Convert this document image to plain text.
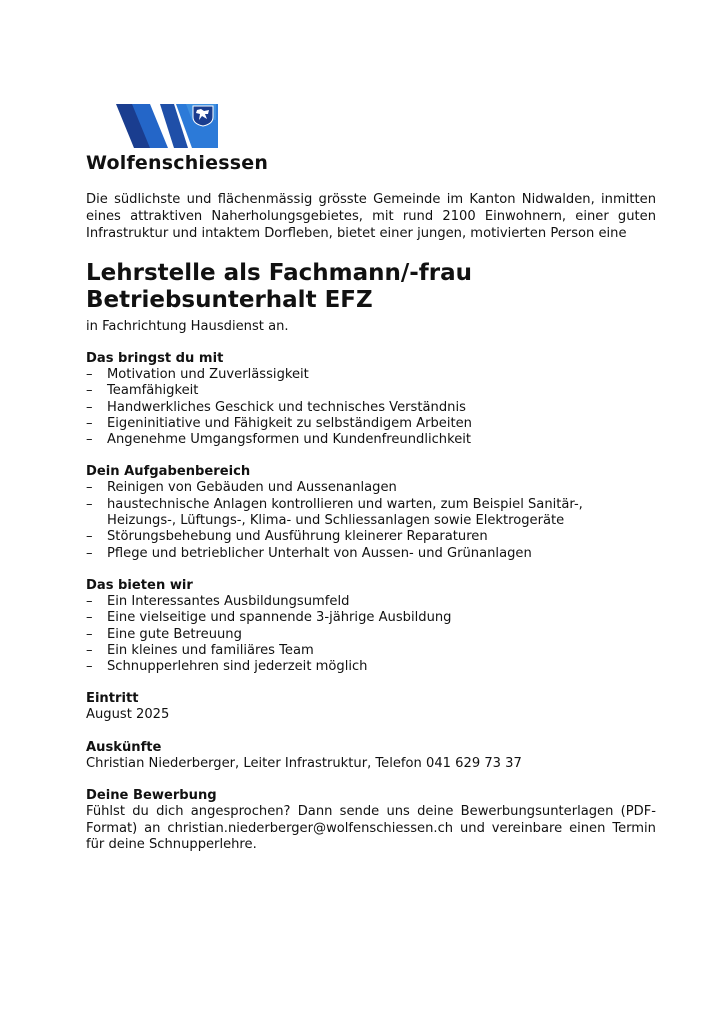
Wolfenschiessen
Die südlichste und flächenmässig grösste Gemeinde im Kanton Nidwalden, inmitten eines attraktiven Naherholungsgebietes, mit rund 2100 Einwohnern, einer guten Infrastruktur und intaktem Dorfleben, bietet einer jungen, motivierten Person eine
Lehrstelle als Fachmann/-frau
Betriebsunterhalt EFZ
in Fachrichtung Hausdienst an.
Das bringst du mit
– Motivation und Zuverlässigkeit
– Teamfähigkeit
– Handwerkliches Geschick und technisches Verständnis
– Eigeninitiative und Fähigkeit zu selbständigem Arbeiten
– Angenehme Umgangsformen und Kundenfreundlichkeit
Dein Aufgabenbereich
– Reinigen von Gebäuden und Aussenanlagen
– haustechnische Anlagen kontrollieren und warten, zum Beispiel Sanitär-, Heizungs-, Lüftungs-, Klima- und Schliessanlagen sowie Elektrogeräte
– Störungsbehebung und Ausführung kleinerer Reparaturen
– Pflege und betrieblicher Unterhalt von Aussen- und Grünanlagen
Das bieten wir
– Ein Interessantes Ausbildungsumfeld
– Eine vielseitige und spannende 3-jährige Ausbildung
– Eine gute Betreuung
– Ein kleines und familiäres Team
– Schnupperlehren sind jederzeit möglich
Eintritt

August 2025

Auskünfte

Christian Niederberger, Leiter Infrastruktur, Telefon 041 629 73 37

Deine Bewerbung

Fühlst du dich angesprochen? Dann sende uns deine Bewerbungsunterlagen (PDF-Format) an christian.niederberger@wolfenschiessen.ch und vereinbare einen Termin für deine Schnupperlehre.
